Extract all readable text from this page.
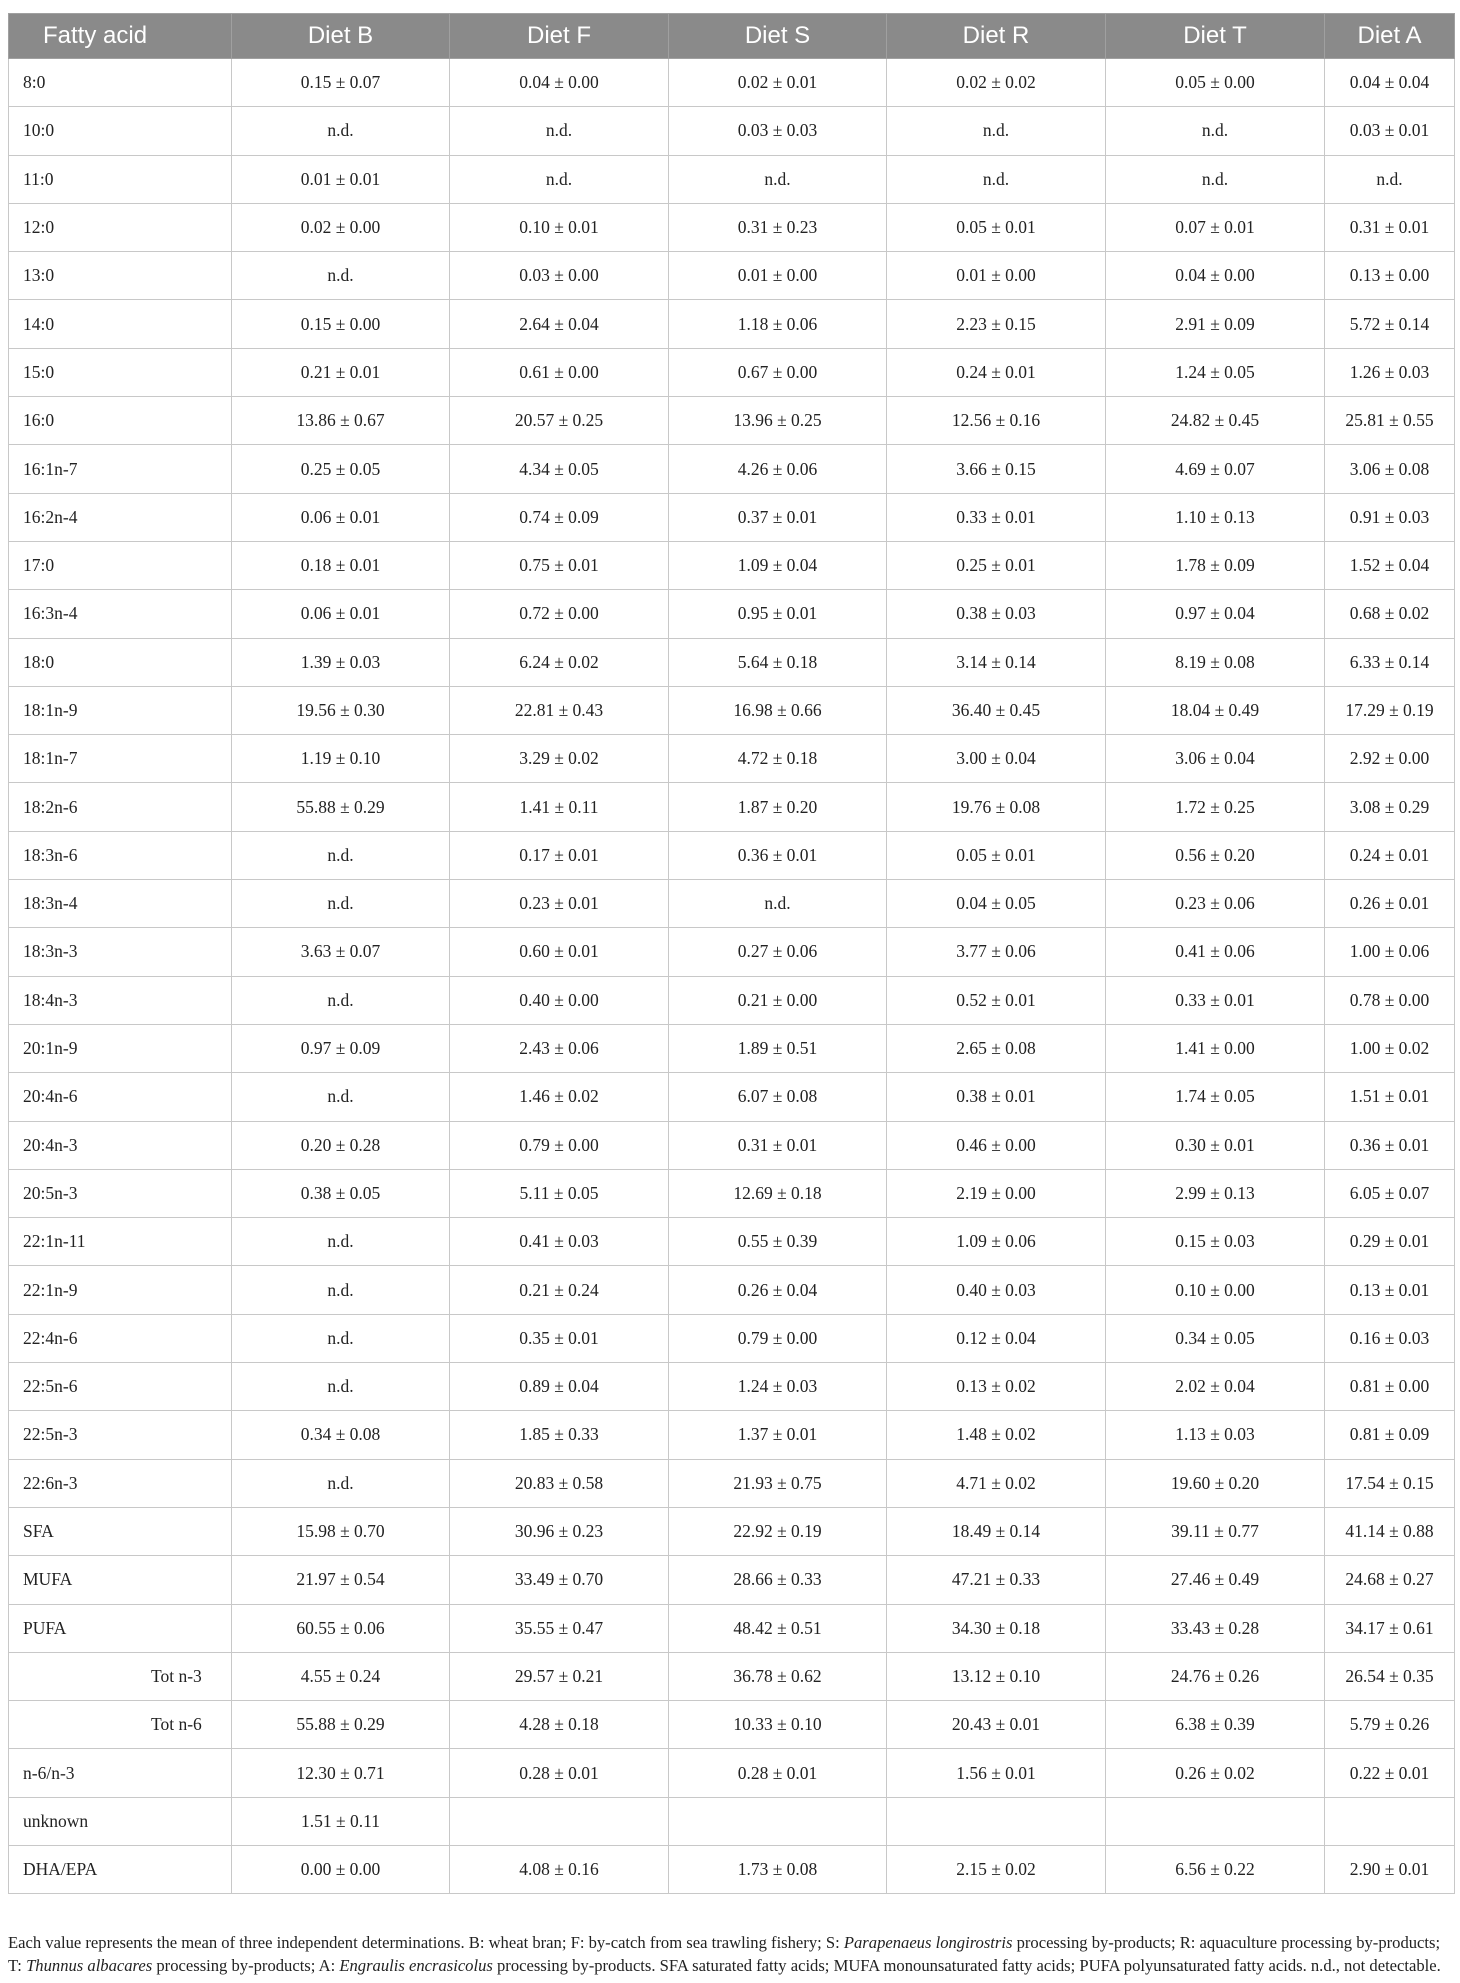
Fatty acid	Diet B	Diet F	Diet S	Diet R	Diet T	Diet A
8:0	0.15 ± 0.07	0.04 ± 0.00	0.02 ± 0.01	0.02 ± 0.02	0.05 ± 0.00	0.04 ± 0.04
10:0	n.d.	n.d.	0.03 ± 0.03	n.d.	n.d.	0.03 ± 0.01
11:0	0.01 ± 0.01	n.d.	n.d.	n.d.	n.d.	n.d.
12:0	0.02 ± 0.00	0.10 ± 0.01	0.31 ± 0.23	0.05 ± 0.01	0.07 ± 0.01	0.31 ± 0.01
13:0	n.d.	0.03 ± 0.00	0.01 ± 0.00	0.01 ± 0.00	0.04 ± 0.00	0.13 ± 0.00
14:0	0.15 ± 0.00	2.64 ± 0.04	1.18 ± 0.06	2.23 ± 0.15	2.91 ± 0.09	5.72 ± 0.14
15:0	0.21 ± 0.01	0.61 ± 0.00	0.67 ± 0.00	0.24 ± 0.01	1.24 ± 0.05	1.26 ± 0.03
16:0	13.86 ± 0.67	20.57 ± 0.25	13.96 ± 0.25	12.56 ± 0.16	24.82 ± 0.45	25.81 ± 0.55
16:1n-7	0.25 ± 0.05	4.34 ± 0.05	4.26 ± 0.06	3.66 ± 0.15	4.69 ± 0.07	3.06 ± 0.08
16:2n-4	0.06 ± 0.01	0.74 ± 0.09	0.37 ± 0.01	0.33 ± 0.01	1.10 ± 0.13	0.91 ± 0.03
17:0	0.18 ± 0.01	0.75 ± 0.01	1.09 ± 0.04	0.25 ± 0.01	1.78 ± 0.09	1.52 ± 0.04
16:3n-4	0.06 ± 0.01	0.72 ± 0.00	0.95 ± 0.01	0.38 ± 0.03	0.97 ± 0.04	0.68 ± 0.02
18:0	1.39 ± 0.03	6.24 ± 0.02	5.64 ± 0.18	3.14 ± 0.14	8.19 ± 0.08	6.33 ± 0.14
18:1n-9	19.56 ± 0.30	22.81 ± 0.43	16.98 ± 0.66	36.40 ± 0.45	18.04 ± 0.49	17.29 ± 0.19
18:1n-7	1.19 ± 0.10	3.29 ± 0.02	4.72 ± 0.18	3.00 ± 0.04	3.06 ± 0.04	2.92 ± 0.00
18:2n-6	55.88 ± 0.29	1.41 ± 0.11	1.87 ± 0.20	19.76 ± 0.08	1.72 ± 0.25	3.08 ± 0.29
18:3n-6	n.d.	0.17 ± 0.01	0.36 ± 0.01	0.05 ± 0.01	0.56 ± 0.20	0.24 ± 0.01
18:3n-4	n.d.	0.23 ± 0.01	n.d.	0.04 ± 0.05	0.23 ± 0.06	0.26 ± 0.01
18:3n-3	3.63 ± 0.07	0.60 ± 0.01	0.27 ± 0.06	3.77 ± 0.06	0.41 ± 0.06	1.00 ± 0.06
18:4n-3	n.d.	0.40 ± 0.00	0.21 ± 0.00	0.52 ± 0.01	0.33 ± 0.01	0.78 ± 0.00
20:1n-9	0.97 ± 0.09	2.43 ± 0.06	1.89 ± 0.51	2.65 ± 0.08	1.41 ± 0.00	1.00 ± 0.02
20:4n-6	n.d.	1.46 ± 0.02	6.07 ± 0.08	0.38 ± 0.01	1.74 ± 0.05	1.51 ± 0.01
20:4n-3	0.20 ± 0.28	0.79 ± 0.00	0.31 ± 0.01	0.46 ± 0.00	0.30 ± 0.01	0.36 ± 0.01
20:5n-3	0.38 ± 0.05	5.11 ± 0.05	12.69 ± 0.18	2.19 ± 0.00	2.99 ± 0.13	6.05 ± 0.07
22:1n-11	n.d.	0.41 ± 0.03	0.55 ± 0.39	1.09 ± 0.06	0.15 ± 0.03	0.29 ± 0.01
22:1n-9	n.d.	0.21 ± 0.24	0.26 ± 0.04	0.40 ± 0.03	0.10 ± 0.00	0.13 ± 0.01
22:4n-6	n.d.	0.35 ± 0.01	0.79 ± 0.00	0.12 ± 0.04	0.34 ± 0.05	0.16 ± 0.03
22:5n-6	n.d.	0.89 ± 0.04	1.24 ± 0.03	0.13 ± 0.02	2.02 ± 0.04	0.81 ± 0.00
22:5n-3	0.34 ± 0.08	1.85 ± 0.33	1.37 ± 0.01	1.48 ± 0.02	1.13 ± 0.03	0.81 ± 0.09
22:6n-3	n.d.	20.83 ± 0.58	21.93 ± 0.75	4.71 ± 0.02	19.60 ± 0.20	17.54 ± 0.15
SFA	15.98 ± 0.70	30.96 ± 0.23	22.92 ± 0.19	18.49 ± 0.14	39.11 ± 0.77	41.14 ± 0.88
MUFA	21.97 ± 0.54	33.49 ± 0.70	28.66 ± 0.33	47.21 ± 0.33	27.46 ± 0.49	24.68 ± 0.27
PUFA	60.55 ± 0.06	35.55 ± 0.47	48.42 ± 0.51	34.30 ± 0.18	33.43 ± 0.28	34.17 ± 0.61
Tot n-3	4.55 ± 0.24	29.57 ± 0.21	36.78 ± 0.62	13.12 ± 0.10	24.76 ± 0.26	26.54 ± 0.35
Tot n-6	55.88 ± 0.29	4.28 ± 0.18	10.33 ± 0.10	20.43 ± 0.01	6.38 ± 0.39	5.79 ± 0.26
n-6/n-3	12.30 ± 0.71	0.28 ± 0.01	0.28 ± 0.01	1.56 ± 0.01	0.26 ± 0.02	0.22 ± 0.01
unknown	1.51 ± 0.11					
DHA/EPA	0.00 ± 0.00	4.08 ± 0.16	1.73 ± 0.08	2.15 ± 0.02	6.56 ± 0.22	2.90 ± 0.01
Each value represents the mean of three independent determinations. B: wheat bran; F: by-catch from sea trawling fishery; S: Parapenaeus longirostris processing by-products; R: aquaculture processing by-products; T: Thunnus albacares processing by-products; A: Engraulis encrasicolus processing by-products. SFA saturated fatty acids; MUFA monounsaturated fatty acids; PUFA polyunsaturated fatty acids. n.d., not detectable.
